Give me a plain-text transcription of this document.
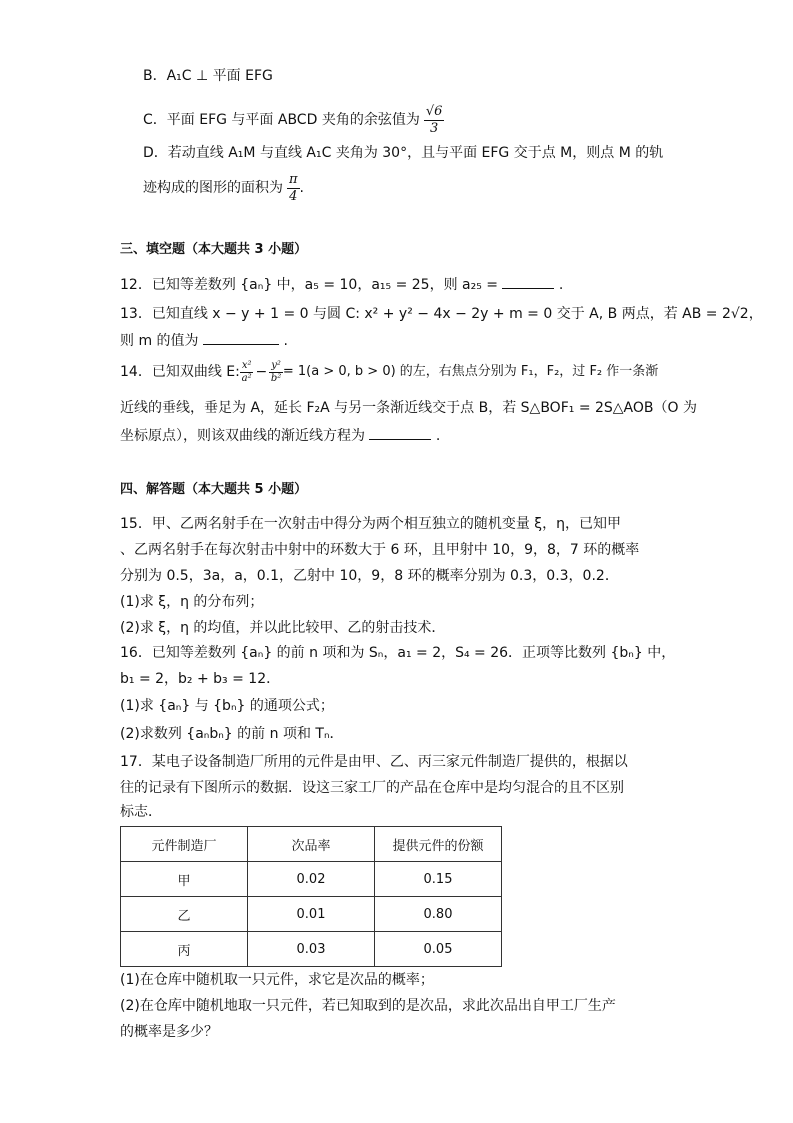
B．A₁C ⊥ 平面 EFG
C．平面 EFG 与平面 ABCD 夹角的余弦值为 $\frac{√6}{3}$
D．若动直线 A₁M 与直线 A₁C 夹角为 30°，且与平面 EFG 交于点 M，则点 M 的轨
迹构成的图形的面积为 $\frac{\pi}{4}$ .
三、填空题（本大题共 3 小题）
12．已知等差数列 {aₙ} 中，a₅ = 10，a₁₅ = 25，则 a₂₅ =	.
13．已知直线 x − y + 1 = 0 与圆 C: x² + y² − 4x − 2y + m = 0 交于 A, B 两点，若 AB = 2√2，
则 m 的值为	.
14．已知双曲线 E: $\frac{\text{x²}}{\text{a²}} - \frac{\text{y²}}{\text{b²}} = 1(a > 0$, b > 0) 的左，右焦点分别为 F₁，F₂，过 F₂ 作一条渐
近线的垂线，垂足为 A，延长 F₂A 与另一条渐近线交于点 B，若 S△BOF₁ = 2S△AOB（O 为
坐标原点），则该双曲线的渐近线方程为	.
四、解答题（本大题共 5 小题）
15．甲、乙两名射手在一次射击中得分为两个相互独立的随机变量 ξ，η，已知甲
、乙两名射手在每次射击中射中的环数大于 6 环，且甲射中 10，9，8，7 环的概率
分别为 0.5，3a，a，0.1，乙射中 10，9，8 环的概率分别为 0.3，0.3，0.2．
(1)求 ξ，η 的分布列；
(2)求 ξ，η 的均值，并以此比较甲、乙的射击技术．
16．已知等差数列 {aₙ} 的前 n 项和为 Sₙ，a₁ = 2，S₄ = 26．正项等比数列 {bₙ} 中，
b₁ = 2，b₂ + b₃ = 12．
(1)求 {aₙ} 与 {bₙ} 的通项公式；
(2)求数列 {aₙbₙ} 的前 n 项和 Tₙ．
17．某电子设备制造厂所用的元件是由甲、乙、丙三家元件制造厂提供的，根据以
往的记录有下图所示的数据．设这三家工厂的产品在仓库中是均匀混合的且不区别
标志．
元件制造厂	次品率	提供元件的份额
甲	0.02	0.15
乙	0.01	0.80
丙	0.03	0.05
(1)在仓库中随机取一只元件，求它是次品的概率；
(2)在仓库中随机地取一只元件，若已知取到的是次品，求此次品出自甲工厂生产
的概率是多少？
